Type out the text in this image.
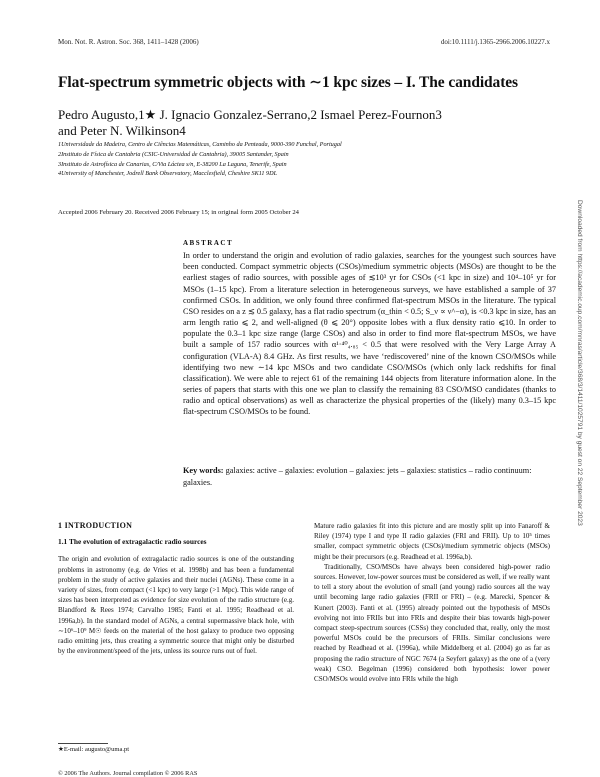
Mon. Not. R. Astron. Soc. 368, 1411–1428 (2006)	doi:10.1111/j.1365-2966.2006.10227.x
Flat-spectrum symmetric objects with ∼1 kpc sizes – I. The candidates
Pedro Augusto,1★ J. Ignacio Gonzalez-Serrano,2 Ismael Perez-Fournon3
and Peter N. Wilkinson4
1Universidade da Madeira, Centro de Ciências Matemáticas, Caminho da Penteada, 9000-390 Funchal, Portugal
2Instituto de Física de Cantabria (CSIC-Universidad de Cantabria), 39005 Santander, Spain
3Instituto de Astrofísica de Canarias, C/Via Láctea s/n, E-38200 La Laguna, Tenerife, Spain
4University of Manchester, Jodrell Bank Observatory, Macclesfield, Cheshire SK11 9DL
Accepted 2006 February 20. Received 2006 February 15; in original form 2005 October 24
ABSTRACT
In order to understand the origin and evolution of radio galaxies, searches for the youngest such sources have been conducted. Compact symmetric objects (CSOs)/medium symmetric objects (MSOs) are thought to be the earliest stages of radio sources, with possible ages of ≲10³ yr for CSOs (<1 kpc in size) and 10⁴–10⁵ yr for MSOs (1–15 kpc). From a literature selection in heterogeneous surveys, we have established a sample of 37 confirmed CSOs. In addition, we only found three confirmed flat-spectrum MSOs in the literature. The typical CSO resides on a z ≲ 0.5 galaxy, has a flat radio spectrum (α_thin < 0.5; S_ν ∝ ν^−α), is <0.3 kpc in size, has an arm length ratio ⩽ 2, and well-aligned (θ ⩽ 20°) opposite lobes with a flux density ratio ⩽10. In order to populate the 0.3–1 kpc size range (large CSOs) and also in order to find more flat-spectrum MSOs, we have built a sample of 157 radio sources with α¹·⁴⁰₄.₈₅ < 0.5 that were resolved with the Very Large Array A configuration (VLA-A) 8.4 GHz. As first results, we have ‘rediscovered’ nine of the known CSO/MSOs while identifying two new ∼14 kpc MSOs and two candidate CSO/MSOs (which only lack redshifts for final classification). We were able to reject 61 of the remaining 144 objects from literature information alone. In the series of papers that starts with this one we plan to classify the remaining 83 CSO/MSO candidates (thanks to radio and optical observations) as well as characterize the physical properties of the (likely) many 0.3–15 kpc flat-spectrum CSO/MSOs to be found.
Key words: galaxies: active – galaxies: evolution – galaxies: jets – galaxies: statistics – radio continuum: galaxies.
1 INTRODUCTION
1.1 The evolution of extragalactic radio sources

The origin and evolution of extragalactic radio sources is one of the outstanding problems in astronomy (e.g. de Vries et al. 1998b) and has been a fundamental problem in the study of active galaxies and their nuclei (AGNs). These come in a variety of sizes, from compact (<1 kpc) to very large (>1 Mpc). This wide range of sizes has been interpreted as evidence for size evolution of the radio structure (e.g. Blandford & Rees 1974; Carvalho 1985; Fanti et al. 1995; Readhead et al. 1996a,b). In the standard model of AGNs, a central supermassive black hole, with ∼10⁶–10⁹ M☉ feeds on the material of the host galaxy to produce two opposing radio emitting jets, thus creating a symmetric source that might only be disturbed by the environment/speed of the jets, unless its source runs out of fuel.

Mature radio galaxies fit into this picture and are mostly split up into Fanaroff & Riley (1974) type I and type II radio galaxies (FRI and FRII). Up to 10⁵ times smaller, compact symmetric objects (CSOs)/medium symmetric objects (MSOs) might be their precursors (e.g. Readhead et al. 1996a,b).

Traditionally, CSO/MSOs have always been considered high-power radio sources. However, low-power sources must be considered as well, if we really want to tell a story about the evolution of small (and young) radio sources all the way until becoming large radio galaxies (FRII or FRI) – (e.g. Marecki, Spencer & Kunert (2003). Fanti et al. (1995) already pointed out the hypothesis of MSOs evolving not into FRIIs but into FRIs and despite their bias towards high-power compact steep-spectrum sources (CSSs) they concluded that, really, only the most powerful MSOs could be the precursors of FRIIs. Similar conclusions were reached by Readhead et al. (1996a), while Middelberg et al. (2004) go as far as proposing the radio structure of NGC 7674 (a Seyfert galaxy) as the one of a (very weak) CSO. Begelman (1996) considered both hypothesis: lower power CSO/MSOs would evolve into FRIs while the high

★E-mail: augusto@uma.pt
© 2006 The Authors. Journal compilation © 2006 RAS
Downloaded from https://academic.oup.com/mnras/article/368/3/1411/1025791 by guest on 22 September 2023
